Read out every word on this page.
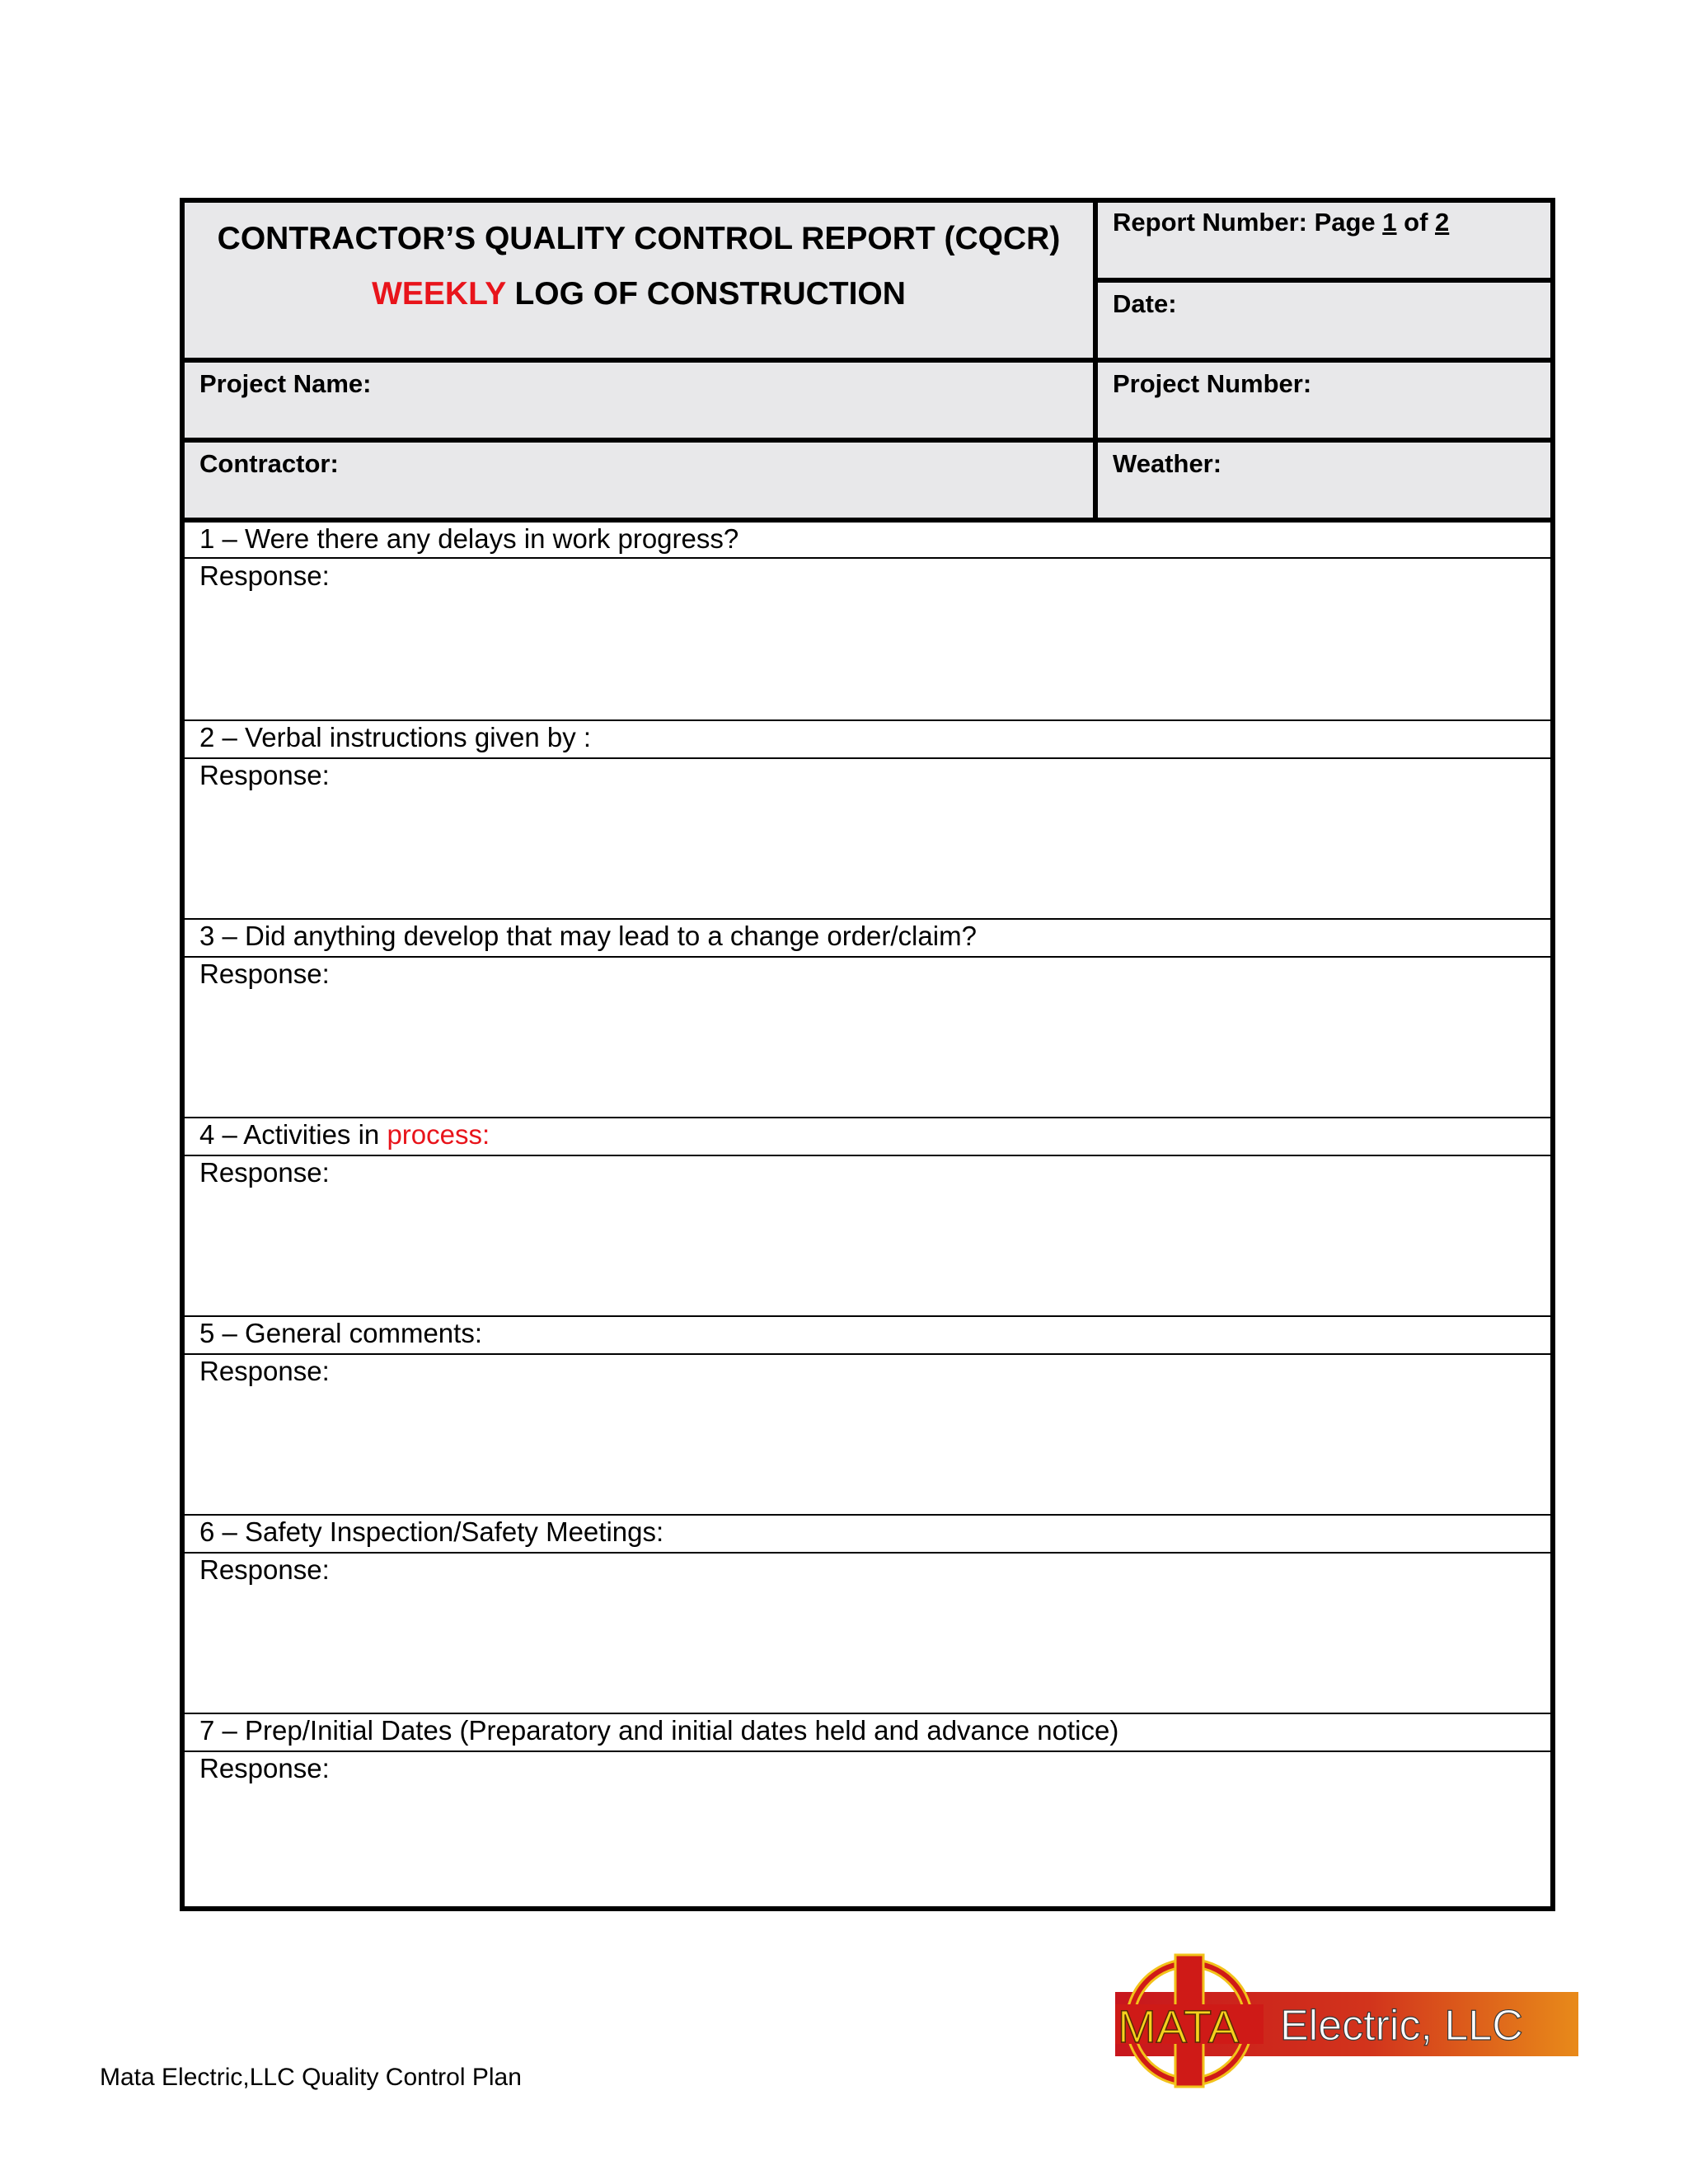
CONTRACTOR’S QUALITY CONTROL REPORT (CQCR)
WEEKLY LOG OF CONSTRUCTION
Report Number: Page 1 of 2
Date:
Project Name:	Project Number:
Contractor:	Weather:
1 – Were there any delays in work progress?
Response:
2 – Verbal instructions given by :
Response:
3 – Did anything develop that may lead to a change order/claim?
Response:
4 – Activities in process:
Response:
5 – General comments:
Response:
6 – Safety Inspection/Safety Meetings:
Response:
7 – Prep/Initial Dates (Preparatory and initial dates held and advance notice)
Response:
MATA Electric, LLC
Mata Electric,LLC Quality Control Plan
